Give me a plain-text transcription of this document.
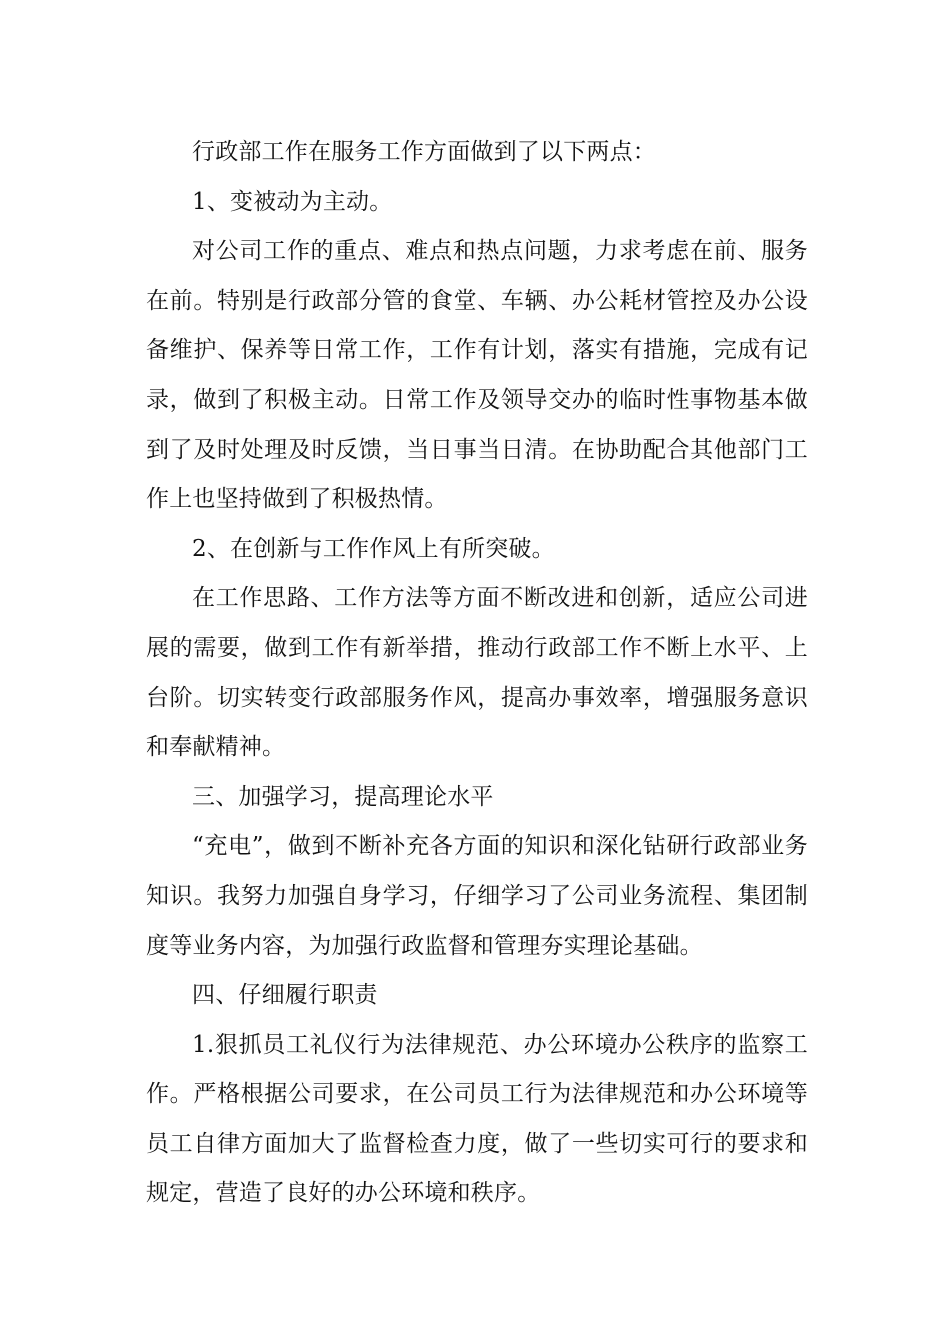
行政部工作在服务工作方面做到了以下两点：

1、变被动为主动。

对公司工作的重点、难点和热点问题，力求考虑在前、服务在前。特别是行政部分管的食堂、车辆、办公耗材管控及办公设备维护、保养等日常工作，工作有计划，落实有措施，完成有记录，做到了积极主动。日常工作及领导交办的临时性事物基本做到了及时处理及时反馈，当日事当日清。在协助配合其他部门工作上也坚持做到了积极热情。

2、在创新与工作作风上有所突破。

在工作思路、工作方法等方面不断改进和创新，适应公司进展的需要，做到工作有新举措，推动行政部工作不断上水平、上台阶。切实转变行政部服务作风，提高办事效率，增强服务意识和奉献精神。

三、加强学习，提高理论水平

“充电”，做到不断补充各方面的知识和深化钻研行政部业务知识。我努力加强自身学习，仔细学习了公司业务流程、集团制度等业务内容，为加强行政监督和管理夯实理论基础。

四、仔细履行职责

1.狠抓员工礼仪行为法律规范、办公环境办公秩序的监察工作。严格根据公司要求，在公司员工行为法律规范和办公环境等员工自律方面加大了监督检查力度，做了一些切实可行的要求和规定，营造了良好的办公环境和秩序。
